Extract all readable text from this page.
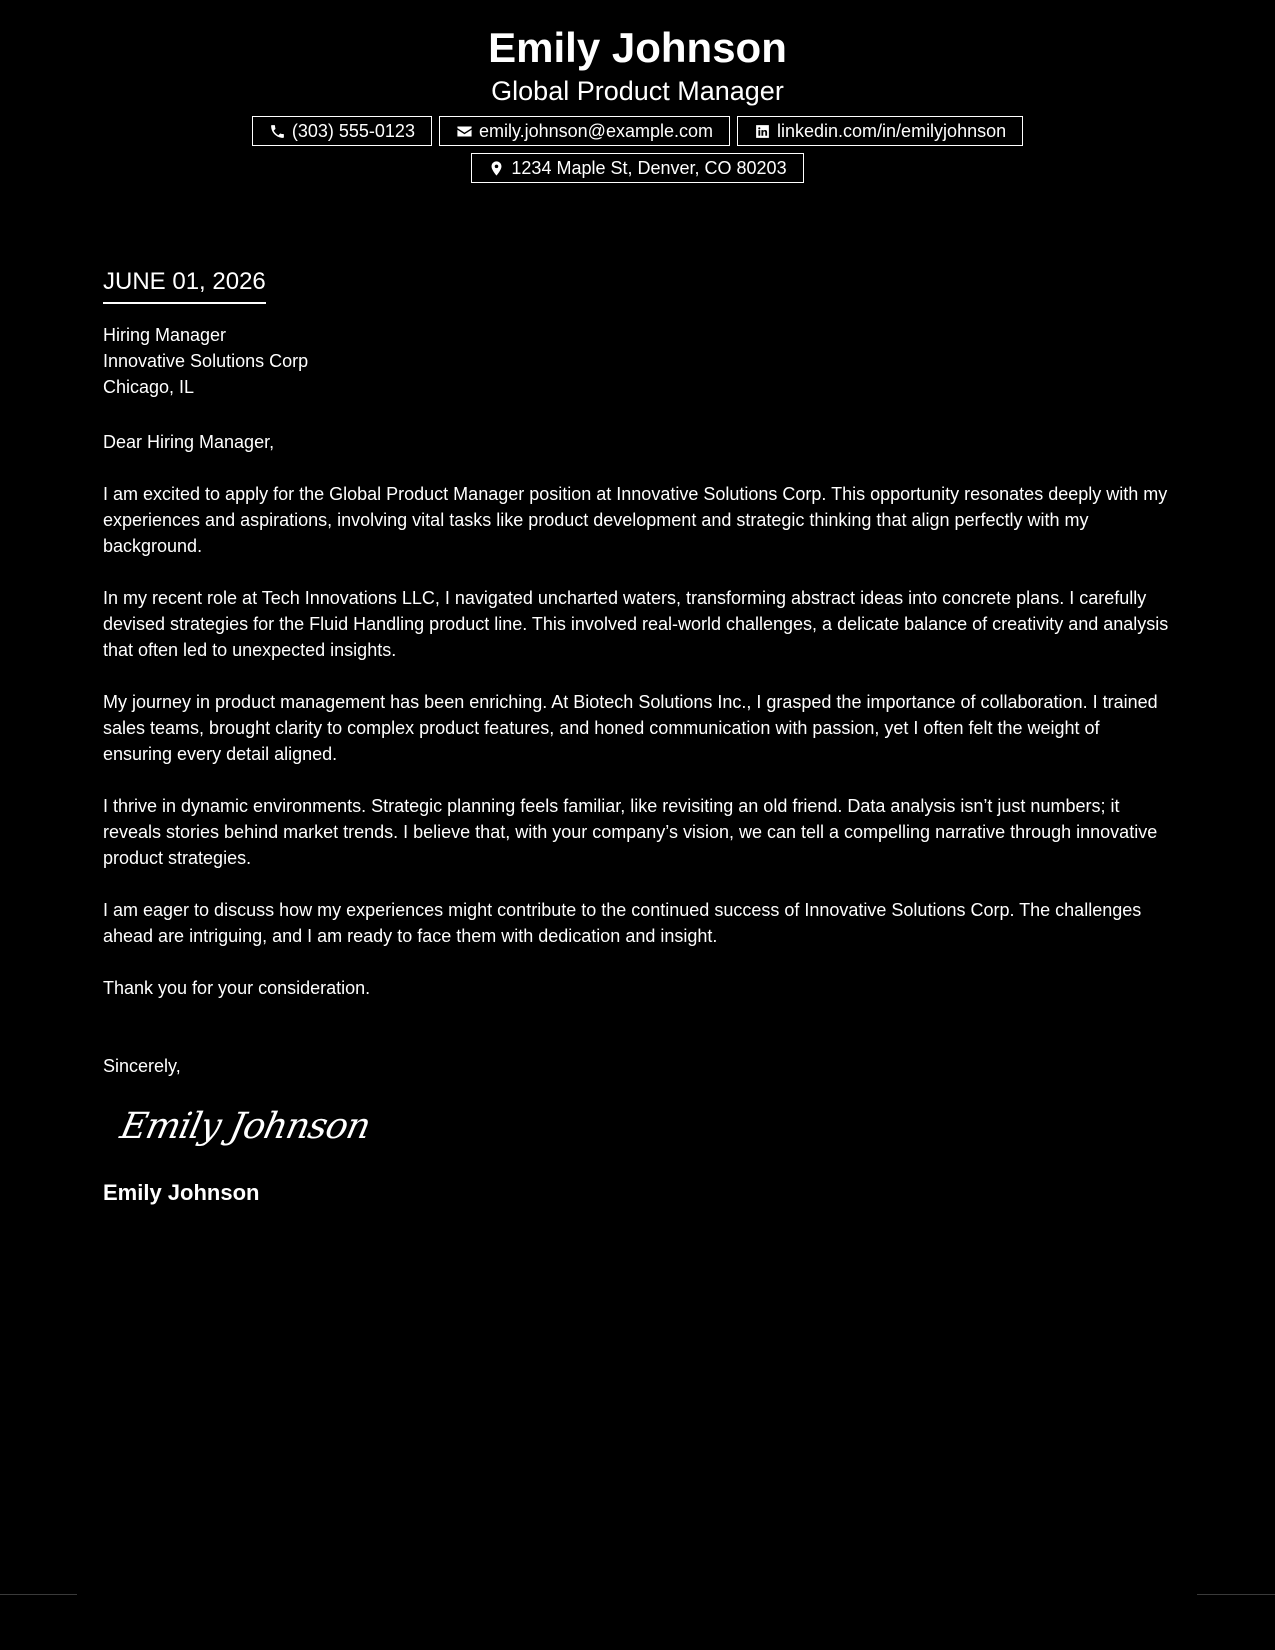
Emily Johnson
Global Product Manager
(303) 555-0123	emily.johnson@example.com	linkedin.com/in/emilyjohnson
1234 Maple St, Denver, CO 80203
JUNE 01, 2026
Hiring Manager
Innovative Solutions Corp
Chicago, IL
Dear Hiring Manager,
I am excited to apply for the Global Product Manager position at Innovative Solutions Corp. This opportunity resonates deeply with my experiences and aspirations, involving vital tasks like product development and strategic thinking that align perfectly with my background.
In my recent role at Tech Innovations LLC, I navigated uncharted waters, transforming abstract ideas into concrete plans. I carefully devised strategies for the Fluid Handling product line. This involved real-world challenges, a delicate balance of creativity and analysis that often led to unexpected insights.
My journey in product management has been enriching. At Biotech Solutions Inc., I grasped the importance of collaboration. I trained sales teams, brought clarity to complex product features, and honed communication with passion, yet I often felt the weight of ensuring every detail aligned.
I thrive in dynamic environments. Strategic planning feels familiar, like revisiting an old friend. Data analysis isn’t just numbers; it reveals stories behind market trends. I believe that, with your company’s vision, we can tell a compelling narrative through innovative product strategies.
I am eager to discuss how my experiences might contribute to the continued success of Innovative Solutions Corp. The challenges ahead are intriguing, and I am ready to face them with dedication and insight.
Thank you for your consideration.
Sincerely,
Emily Johnson
Emily Johnson
